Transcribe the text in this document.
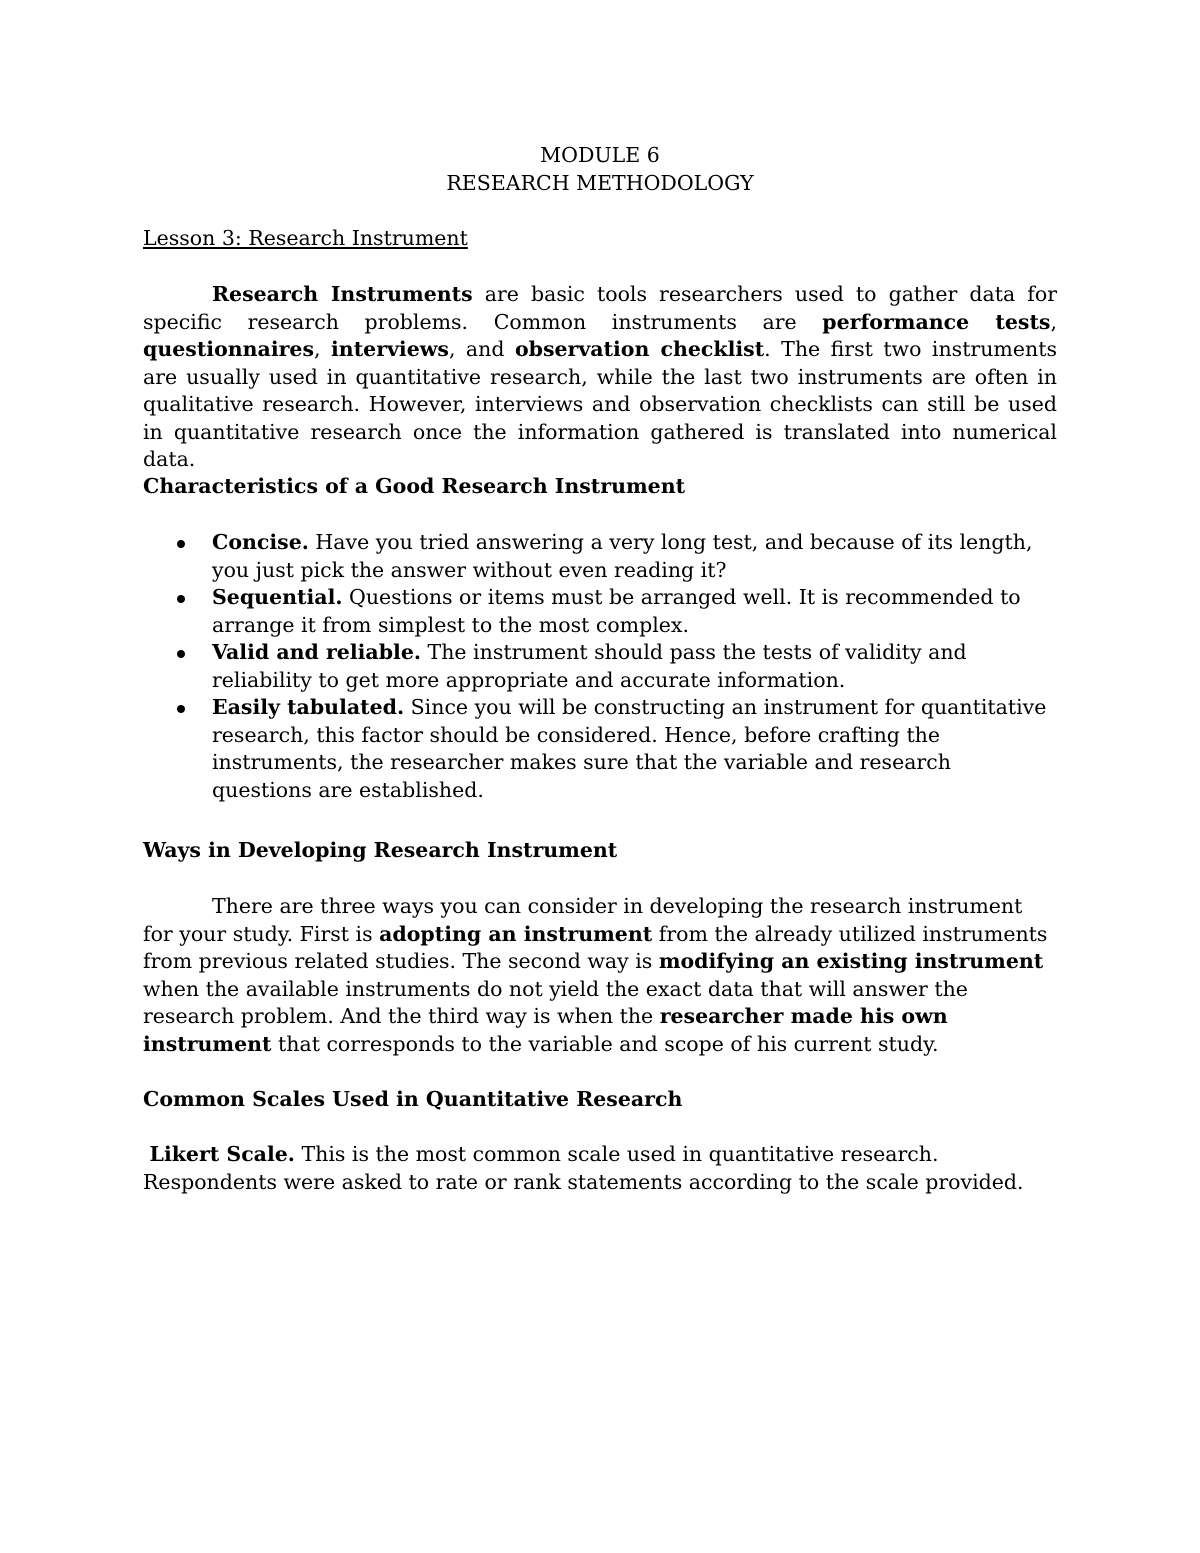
MODULE 6
RESEARCH METHODOLOGY
Lesson 3: Research Instrument
Research Instruments are basic tools researchers used to gather data for specific research problems. Common instruments are performance tests, questionnaires, interviews, and observation checklist. The first two instruments are usually used in quantitative research, while the last two instruments are often in qualitative research. However, interviews and observation checklists can still be used in quantitative research once the information gathered is translated into numerical data.
Characteristics of a Good Research Instrument
Concise. Have you tried answering a very long test, and because of its length, you just pick the answer without even reading it?
Sequential. Questions or items must be arranged well. It is recommended to arrange it from simplest to the most complex.
Valid and reliable. The instrument should pass the tests of validity and reliability to get more appropriate and accurate information.
Easily tabulated. Since you will be constructing an instrument for quantitative research, this factor should be considered. Hence, before crafting the instruments, the researcher makes sure that the variable and research questions are established.
Ways in Developing Research Instrument
There are three ways you can consider in developing the research instrument for your study. First is adopting an instrument from the already utilized instruments from previous related studies. The second way is modifying an existing instrument when the available instruments do not yield the exact data that will answer the research problem. And the third way is when the researcher made his own instrument that corresponds to the variable and scope of his current study.
Common Scales Used in Quantitative Research
Likert Scale. This is the most common scale used in quantitative research. Respondents were asked to rate or rank statements according to the scale provided.
